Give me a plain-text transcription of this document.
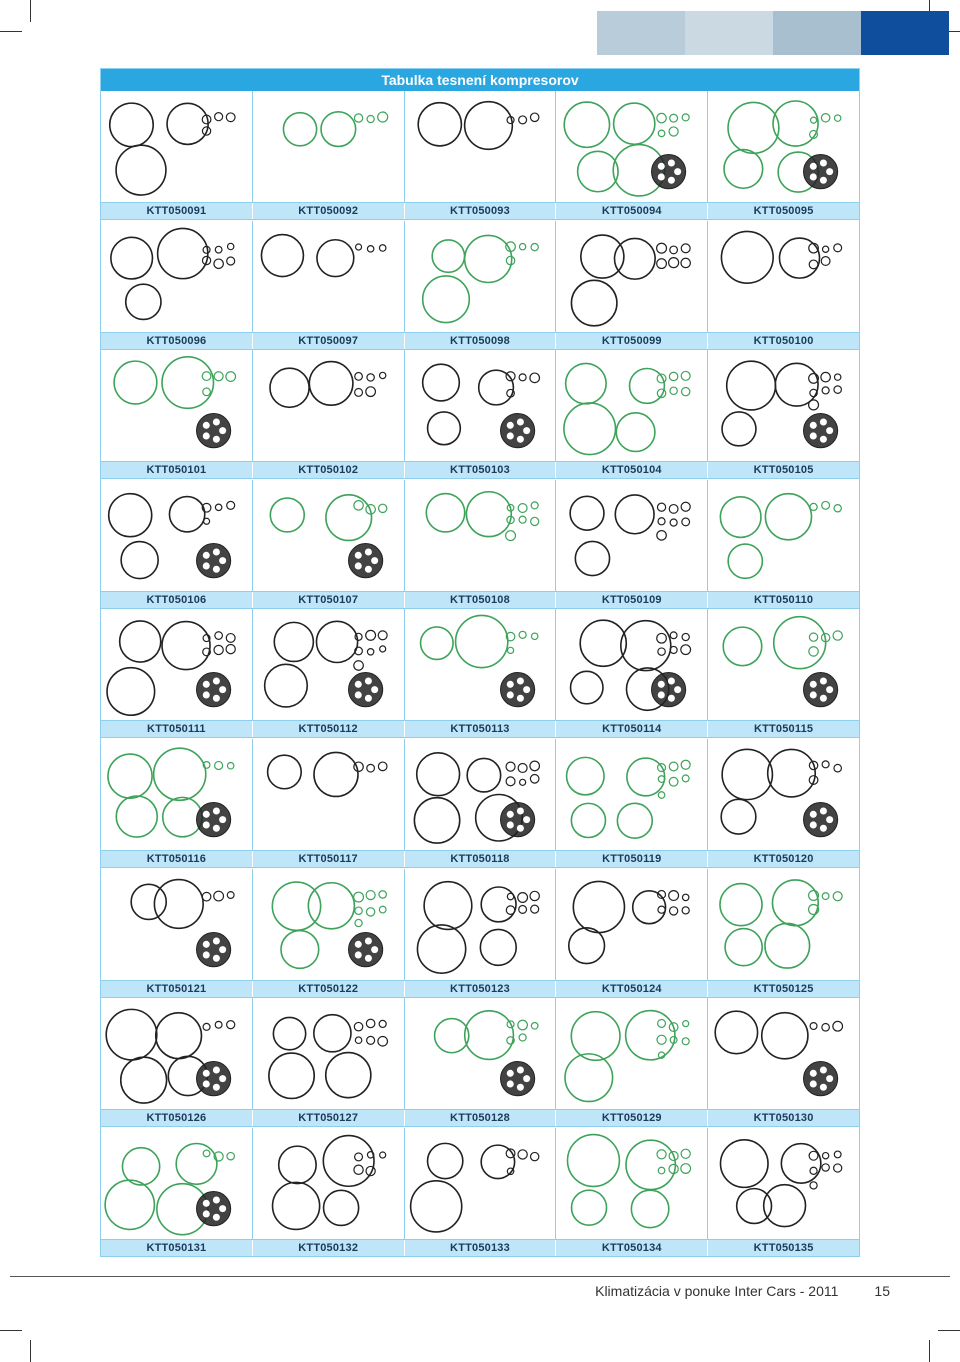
Tabulka tesnení kompresorov
KTT050091	KTT050092	KTT050093	KTT050094	KTT050095
KTT050096	KTT050097	KTT050098	KTT050099	KTT050100
KTT050101	KTT050102	KTT050103	KTT050104	KTT050105
KTT050106	KTT050107	KTT050108	KTT050109	KTT050110
KTT050111	KTT050112	KTT050113	KTT050114	KTT050115
KTT050116	KTT050117	KTT050118	KTT050119	KTT050120
KTT050121	KTT050122	KTT050123	KTT050124	KTT050125
KTT050126	KTT050127	KTT050128	KTT050129	KTT050130
KTT050131	KTT050132	KTT050133	KTT050134	KTT050135
Klimatizácia v ponuke Inter Cars - 2011	15
